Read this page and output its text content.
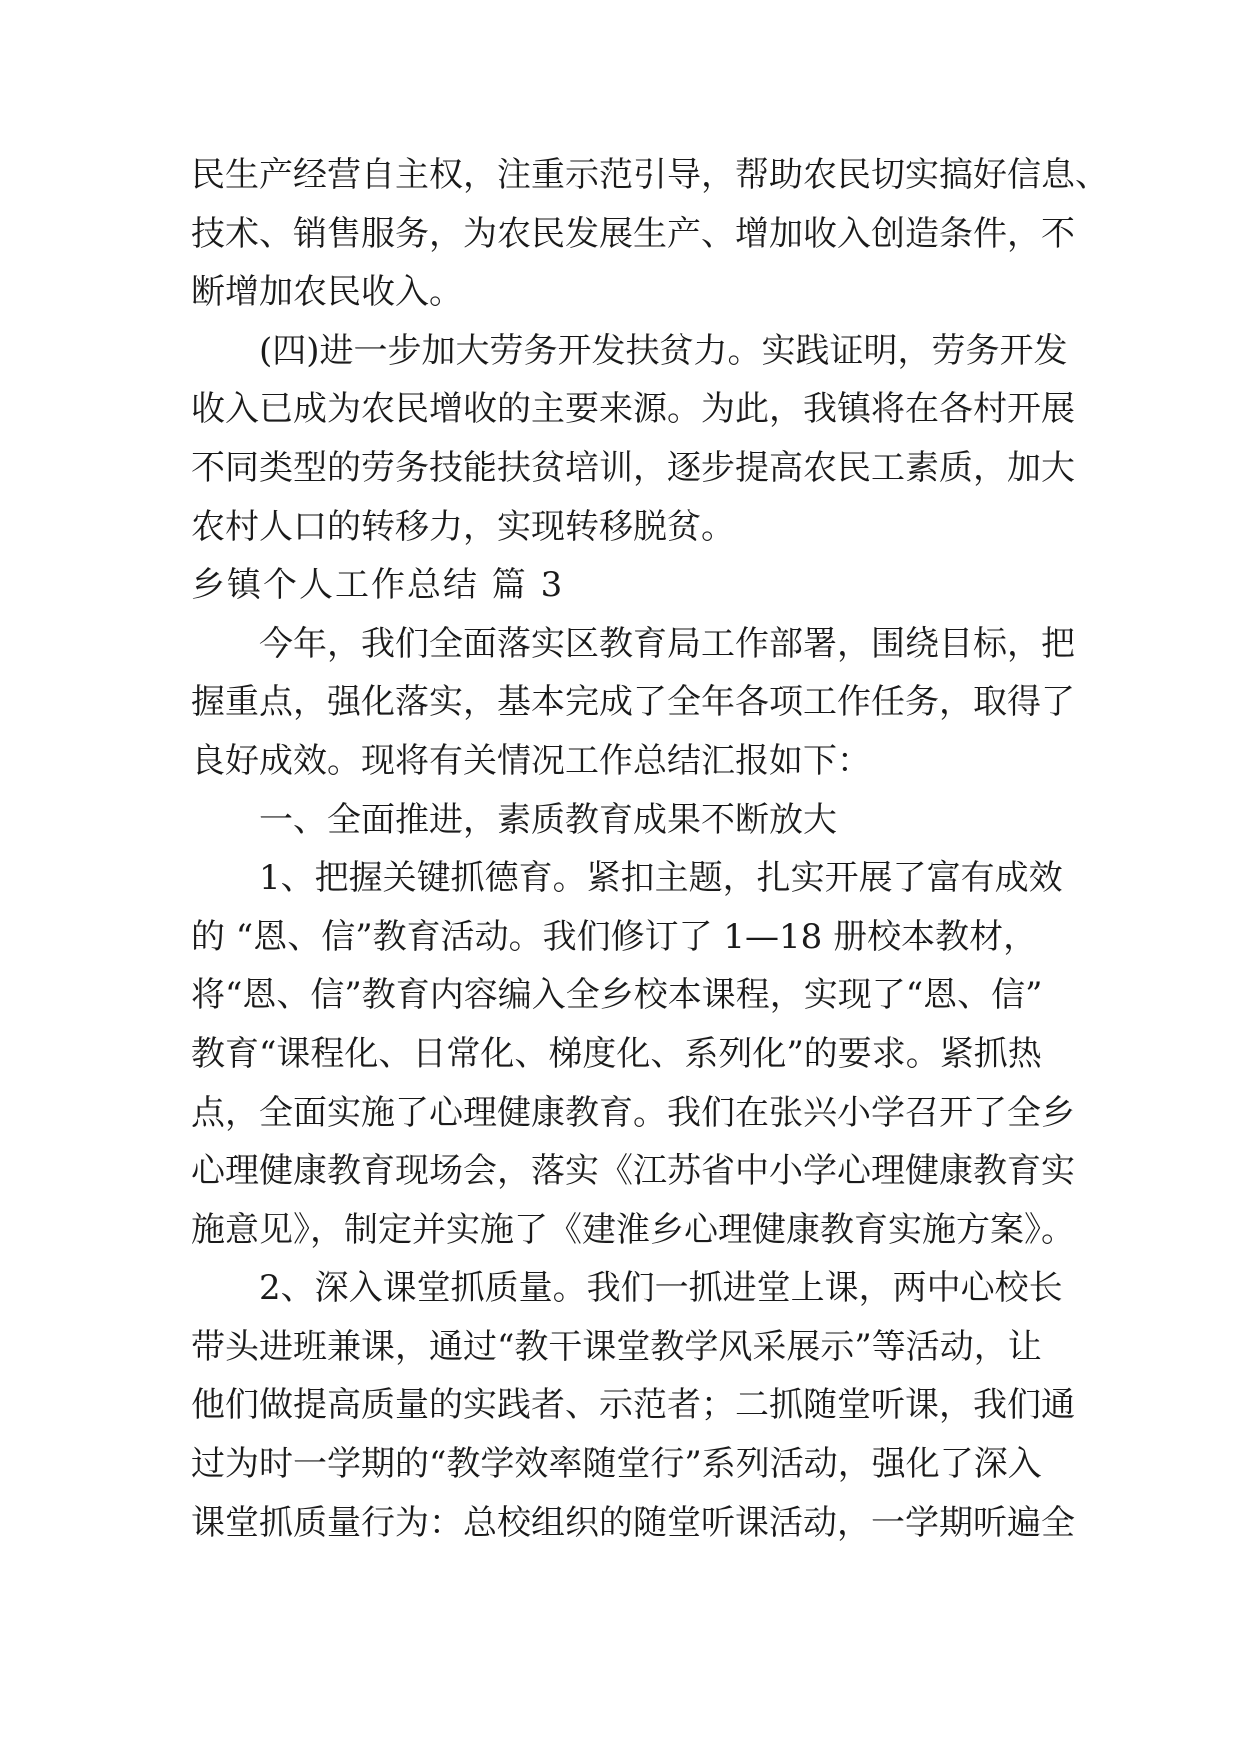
民生产经营自主权，注重示范引导，帮助农民切实搞好信息、
技术、销售服务，为农民发展生产、增加收入创造条件，不
断增加农民收入。
(四)进一步加大劳务开发扶贫力。实践证明，劳务开发
收入已成为农民增收的主要来源。为此，我镇将在各村开展
不同类型的劳务技能扶贫培训，逐步提高农民工素质，加大
农村人口的转移力，实现转移脱贫。
乡镇个人工作总结 篇 3
今年，我们全面落实区教育局工作部署，围绕目标，把
握重点，强化落实，基本完成了全年各项工作任务，取得了
良好成效。现将有关情况工作总结汇报如下：
一、全面推进，素质教育成果不断放大
1、把握关键抓德育。紧扣主题，扎实开展了富有成效
的 “恩、信”教育活动。我们修订了 1—18 册校本教材，
将“恩、信”教育内容编入全乡校本课程，实现了“恩、信”
教育“课程化、日常化、梯度化、系列化”的要求。紧抓热
点，全面实施了心理健康教育。我们在张兴小学召开了全乡
心理健康教育现场会，落实《江苏省中小学心理健康教育实
施意见》，制定并实施了《建淮乡心理健康教育实施方案》。
2、深入课堂抓质量。我们一抓进堂上课，两中心校长
带头进班兼课，通过“教干课堂教学风采展示”等活动，让
他们做提高质量的实践者、示范者；二抓随堂听课，我们通
过为时一学期的“教学效率随堂行”系列活动，强化了深入
课堂抓质量行为：总校组织的随堂听课活动，一学期听遍全
